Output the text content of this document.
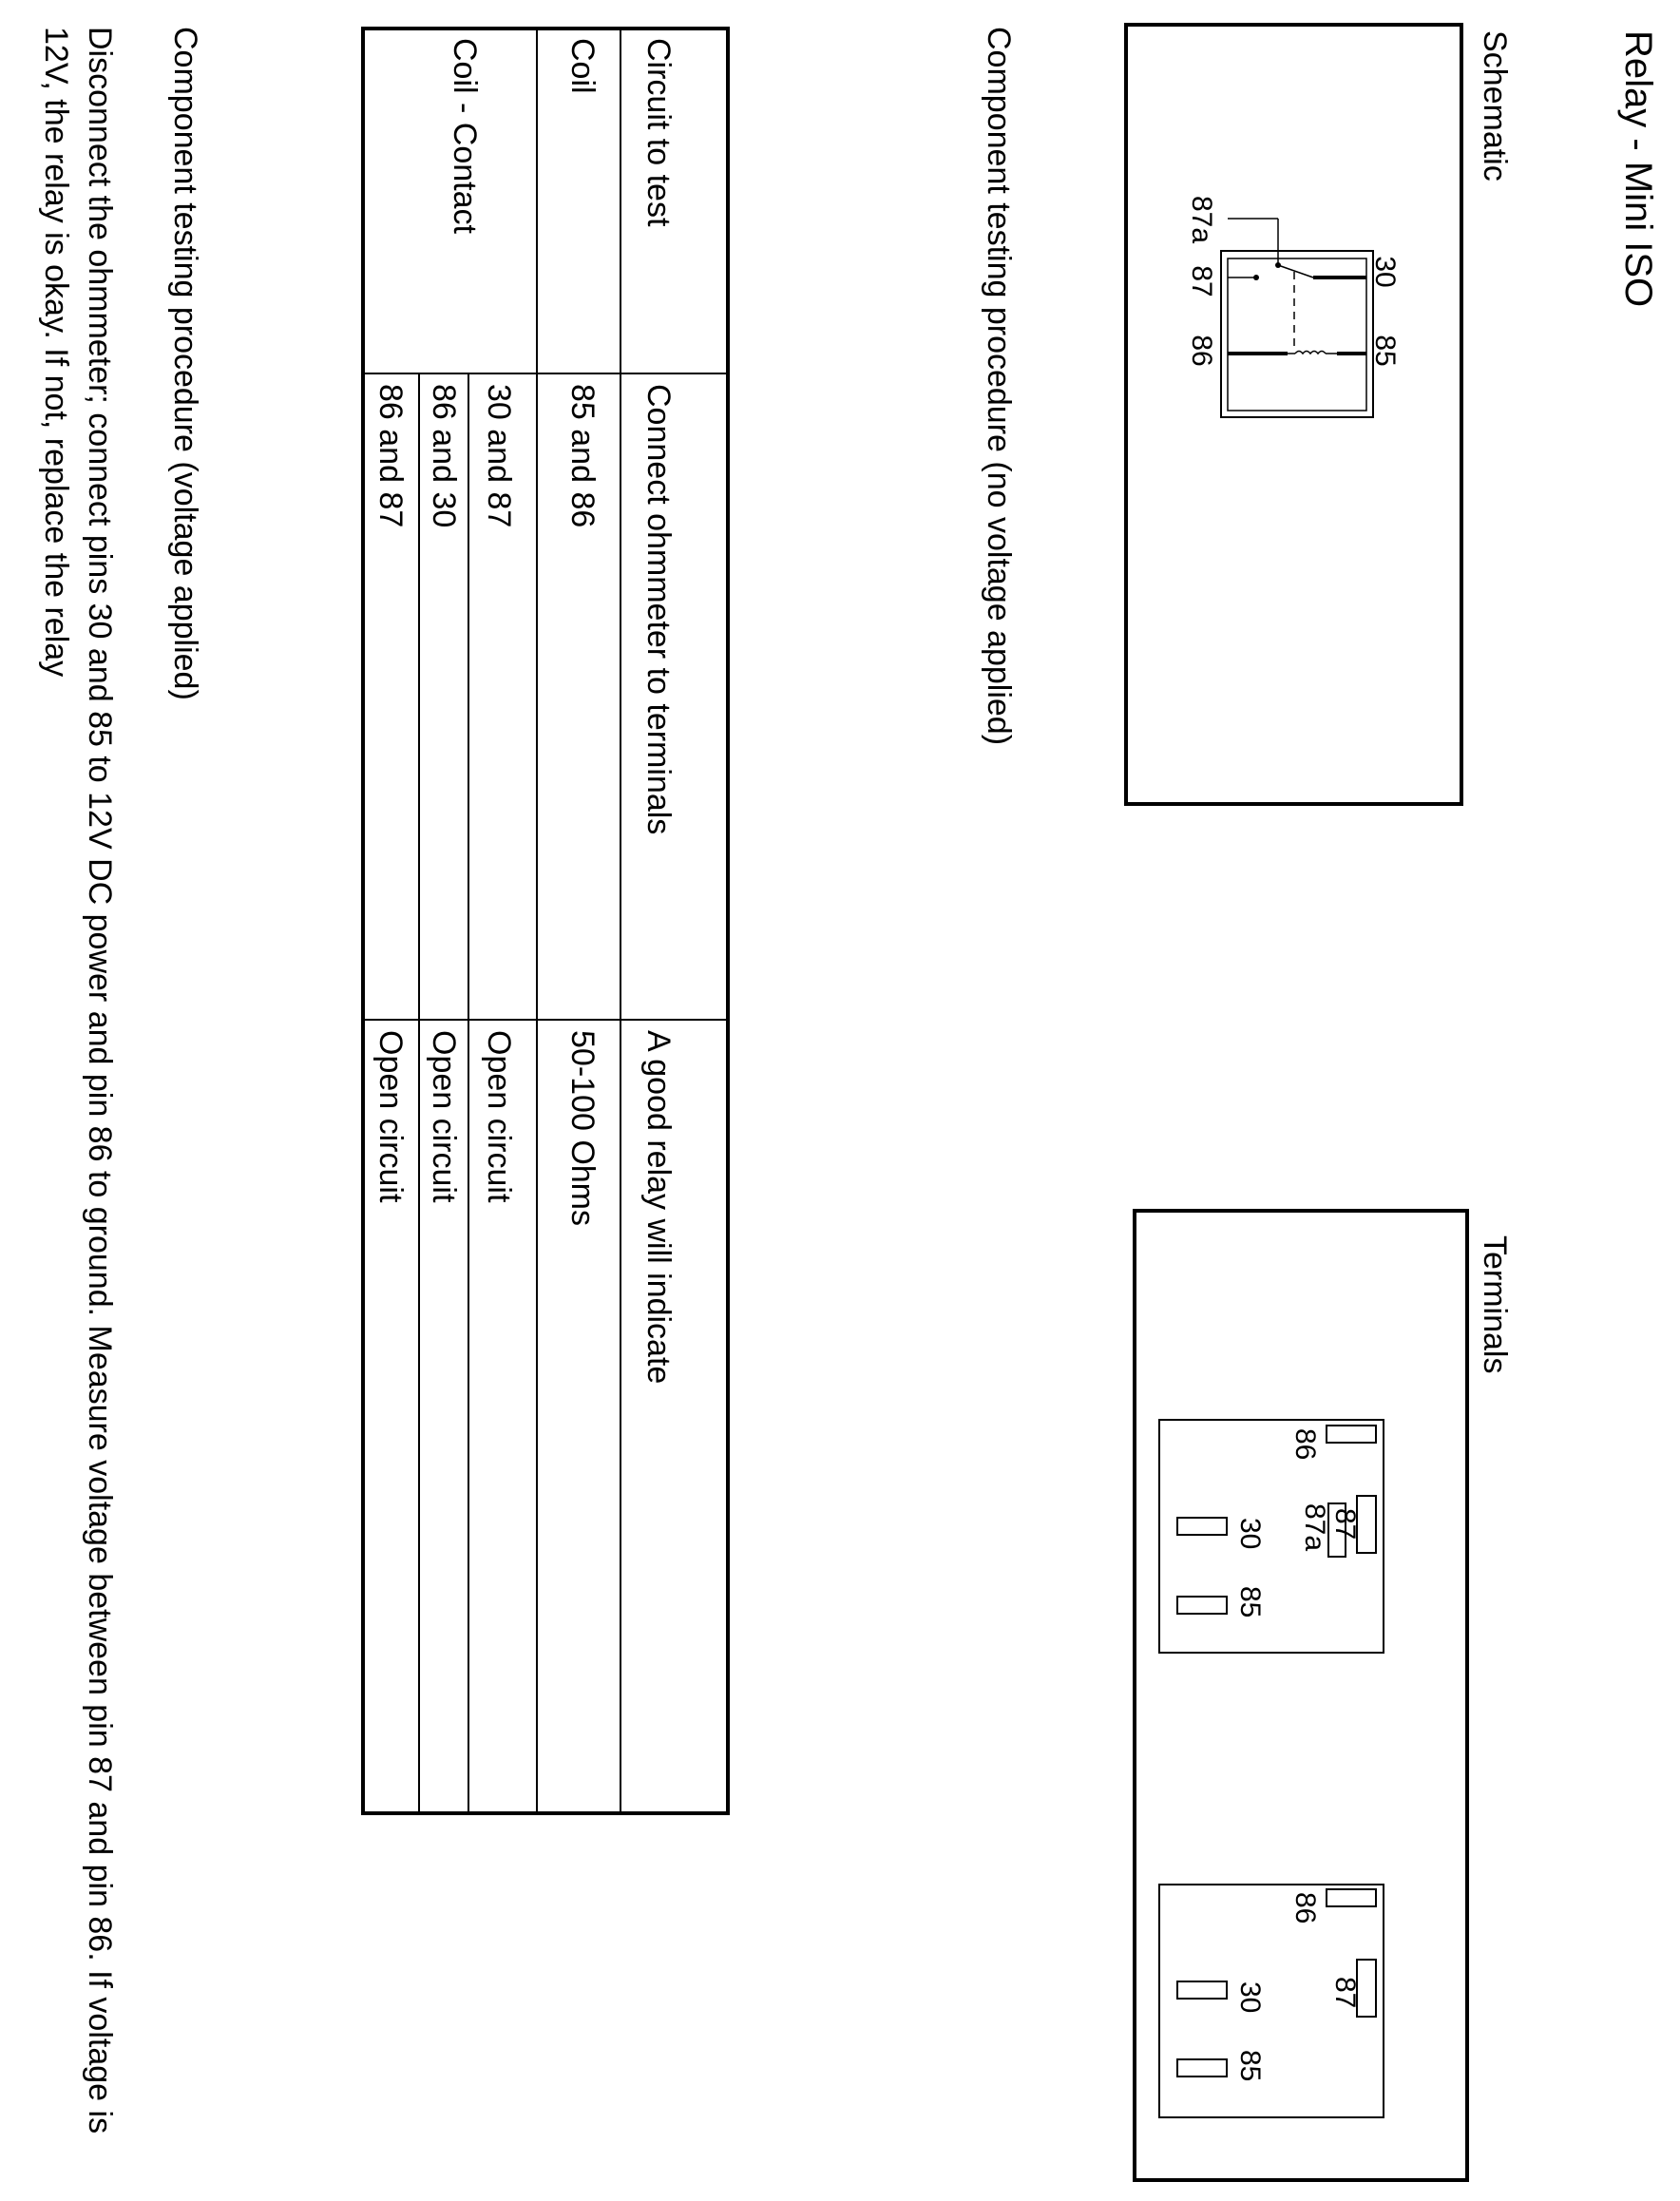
Relay - Mini ISO
Schematic
30
85
87a
87
86
Terminals
87
87a
86
30
85
87
86
30
85
Component testing procedure (no voltage applied)
Circuit to test
Connect ohmmeter to terminals
A good relay will indicate
Coil
85 and 86
50-100 Ohms
Coil - Contact
30 and 87
Open circuit
86 and 30
Open circuit
86 and 87
Open circuit
Component testing procedure (voltage applied)
Disconnect the ohmmeter; connect pins 30 and 85 to 12V DC power and pin 86 to ground. Measure voltage between pin 87 and pin 86. If voltage is 12V, the relay is okay. If not, replace the relay
